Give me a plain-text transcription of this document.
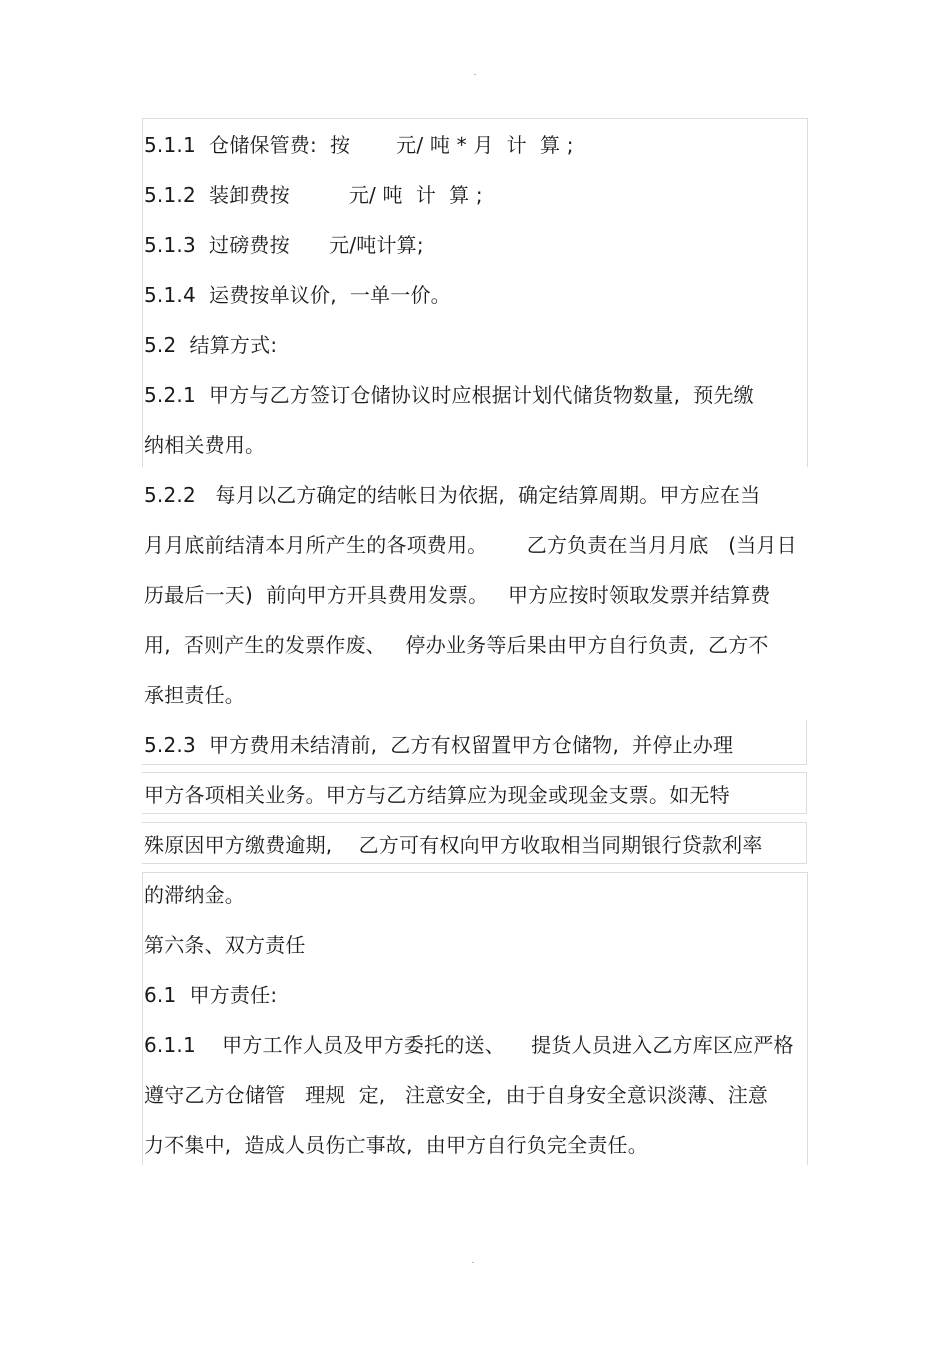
5.1.1  仓储保管费:  按       元/ 吨 * 月  计  算 ;
5.1.2  装卸费按         元/ 吨  计  算 ;
5.1.3  过磅费按      元/吨计算;
5.1.4  运费按单议价,  一单一价。
5.2  结算方式:
5.2.1  甲方与乙方签订仓储协议时应根据计划代储货物数量,  预先缴
纳相关费用。
5.2.2   每月以乙方确定的结帐日为依据,  确定结算周期。甲方应在当
月月底前结清本月所产生的各项费用。      乙方负责在当月月底   (当月日
历最后一天)  前向甲方开具费用发票。   甲方应按时领取发票并结算费
用,  否则产生的发票作废、   停办业务等后果由甲方自行负责,  乙方不
承担责任。
5.2.3  甲方费用未结清前,  乙方有权留置甲方仓储物,  并停止办理
甲方各项相关业务。甲方与乙方结算应为现金或现金支票。如无特
殊原因甲方缴费逾期,    乙方可有权向甲方收取相当同期银行贷款利率
的滞纳金。
第六条、双方责任
6.1  甲方责任:
6.1.1    甲方工作人员及甲方委托的送、    提货人员进入乙方库区应严格
遵守乙方仓储管   理规  定,   注意安全,  由于自身安全意识淡薄、注意
力不集中,  造成人员伤亡事故,  由甲方自行负完全责任。
